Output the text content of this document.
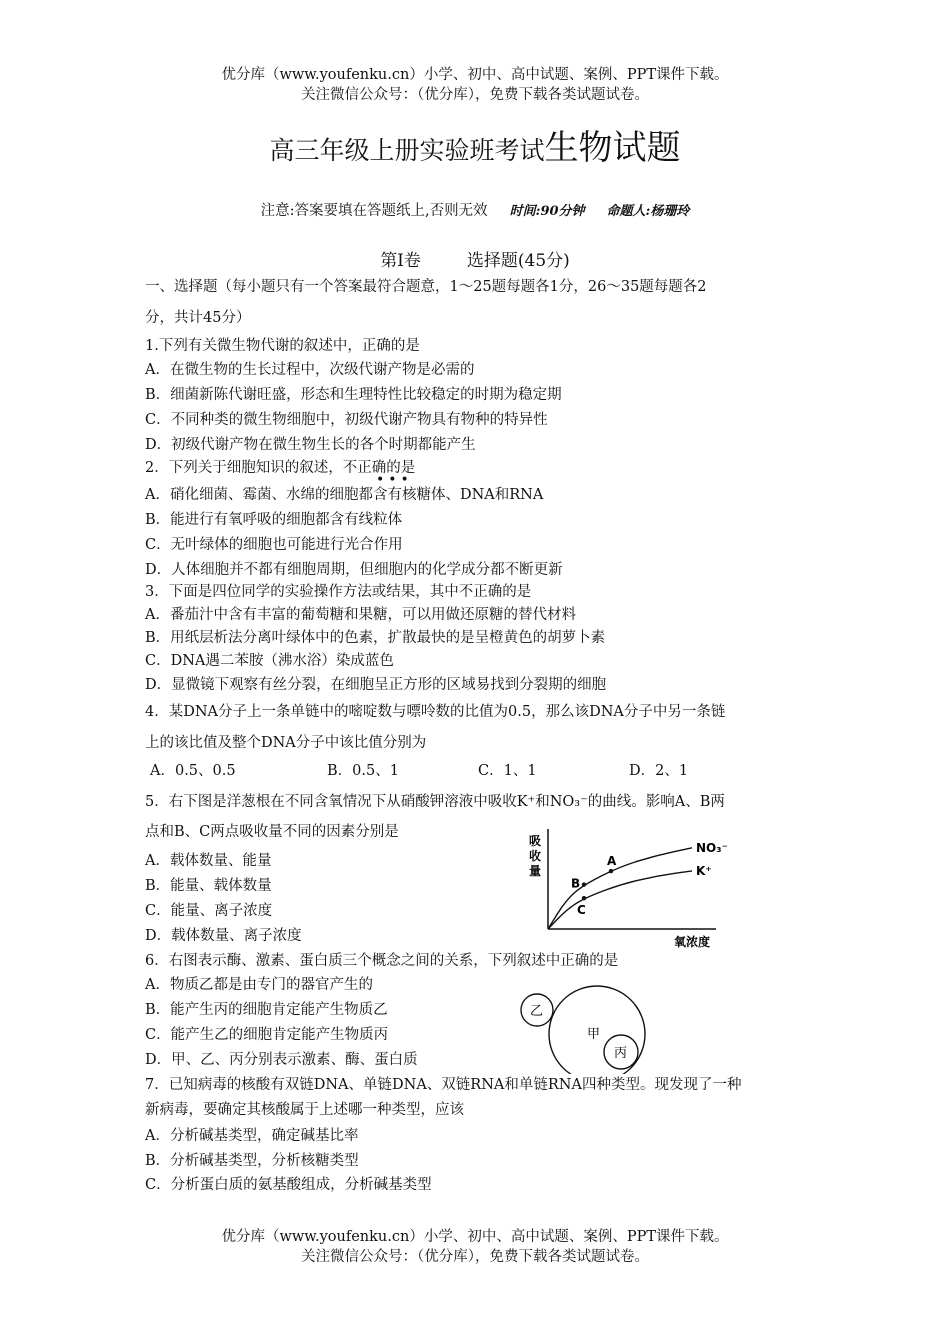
优分库（www.youfenku.cn）小学、初中、高中试题、案例、PPT课件下载。
关注微信公众号：（优分库），免费下载各类试题试卷。
高三年级上册实验班考试生物试题
注意:答案要填在答题纸上,否则无效 时间:90分钟 命题人:杨珊玲
第Ⅰ卷	选择题(45分)
一、选择题（每小题只有一个答案最符合题意，1～25题每题各1分，26～35题每题各2
分，共计45分）
1.下列有关微生物代谢的叙述中，正确的是
A．在微生物的生长过程中，次级代谢产物是必需的
B．细菌新陈代谢旺盛，形态和生理特性比较稳定的时期为稳定期
C．不同种类的微生物细胞中，初级代谢产物具有物种的特异性
D．初级代谢产物在微生物生长的各个时期都能产生
2．下列关于细胞知识的叙述，不正确的是
•••
A．硝化细菌、霉菌、水绵的细胞都含有核糖体、DNA和RNA
B．能进行有氧呼吸的细胞都含有线粒体
C．无叶绿体的细胞也可能进行光合作用
D．人体细胞并不都有细胞周期，但细胞内的化学成分都不断更新
3．下面是四位同学的实验操作方法或结果，其中不正确的是
A．番茄汁中含有丰富的葡萄糖和果糖，可以用做还原糖的替代材料
B．用纸层析法分离叶绿体中的色素，扩散最快的是呈橙黄色的胡萝卜素
C．DNA遇二苯胺（沸水浴）染成蓝色
D．显微镜下观察有丝分裂，在细胞呈正方形的区域易找到分裂期的细胞
4．某DNA分子上一条单链中的嘧啶数与嘌呤数的比值为0.5，那么该DNA分子中另一条链
上的该比值及整个DNA分子中该比值分别为
A．0.5、0.5	B．0.5、1	C．1、1	D．2、1
5．右下图是洋葱根在不同含氧情况下从硝酸钾溶液中吸收K⁺和NO₃⁻的曲线。影响A、B两
点和B、C两点吸收量不同的因素分别是
A．载体数量、能量
B．能量、载体数量
C．能量、离子浓度
D．载体数量、离子浓度
吸
收
量
氧浓度
NO₃⁻
K⁺
A
B
C
6．右图表示酶、激素、蛋白质三个概念之间的关系，下列叙述中正确的是
A．物质乙都是由专门的器官产生的
B．能产生丙的细胞肯定能产生物质乙
C．能产生乙的细胞肯定能产生物质丙
D．甲、乙、丙分别表示激素、酶、蛋白质
甲
乙
丙
7．已知病毒的核酸有双链DNA、单链DNA、双链RNA和单链RNA四种类型。现发现了一种
新病毒，要确定其核酸属于上述哪一种类型，应该
A．分析碱基类型，确定碱基比率
B．分析碱基类型，分析核糖类型
C．分析蛋白质的氨基酸组成，分析碱基类型
优分库（www.youfenku.cn）小学、初中、高中试题、案例、PPT课件下载。
关注微信公众号：（优分库），免费下载各类试题试卷。
